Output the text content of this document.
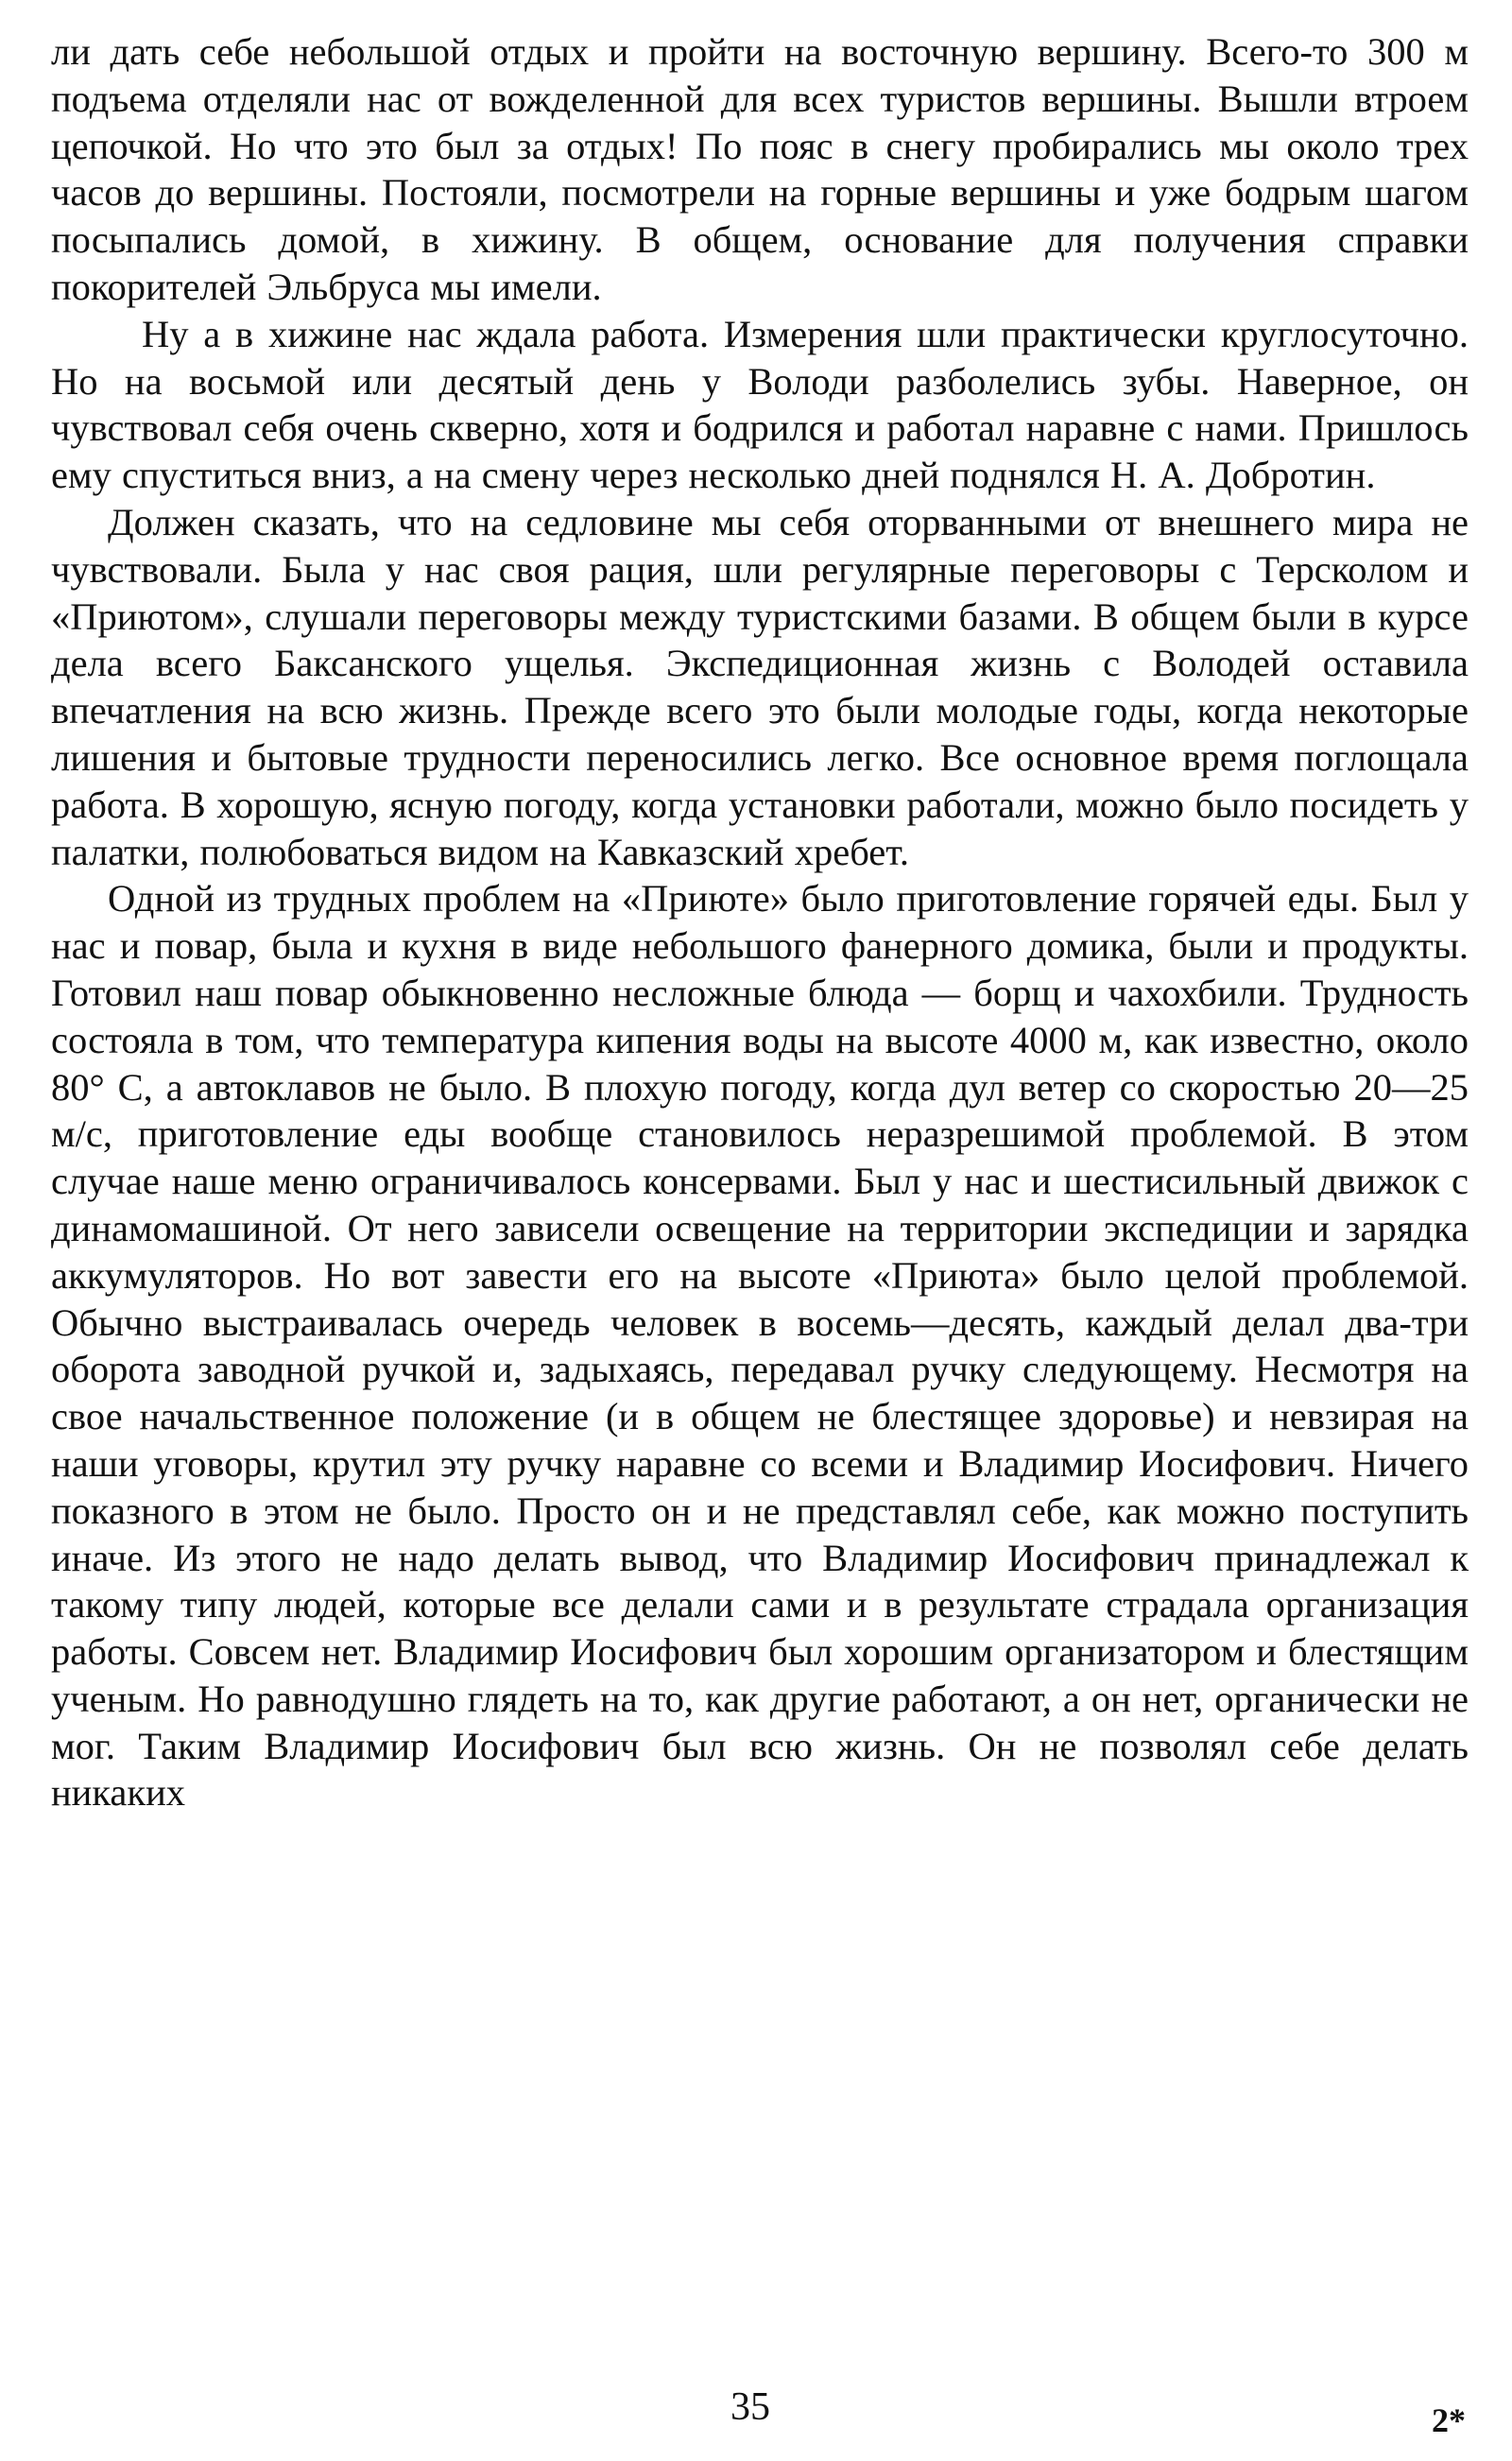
ли дать себе небольшой отдых и пройти на восточную вершину. Всего-то 300 м подъема отделяли нас от вожделенной для всех туристов вершины. Вышли втроем цепочкой. Но что это был за отдых! По пояс в снегу пробирались мы около трех часов до вершины. Постояли, посмотрели на горные вершины и уже бодрым шагом посыпались домой, в хижину. В общем, основание для получения справки покорителей Эльбруса мы имели.

Ну а в хижине нас ждала работа. Измерения шли практически круглосуточно. Но на восьмой или десятый день у Володи разболелись зубы. Наверное, он чувствовал себя очень скверно, хотя и бодрился и работал наравне с нами. Пришлось ему спуститься вниз, а на смену через несколько дней поднялся Н. А. Добротин.

Должен сказать, что на седловине мы себя оторванными от внешнего мира не чувствовали. Была у нас своя рация, шли регулярные переговоры с Терсколом и «Приютом», слушали переговоры между туристскими базами. В общем были в курсе дела всего Баксанского ущелья. Экспедиционная жизнь с Володей оставила впечатления на всю жизнь. Прежде всего это были молодые годы, когда некоторые лишения и бытовые трудности переносились легко. Все основное время поглощала работа. В хорошую, ясную погоду, когда установки работали, можно было посидеть у палатки, полюбоваться видом на Кавказский хребет.

Одной из трудных проблем на «Приюте» было приготовление горячей еды. Был у нас и повар, была и кухня в виде небольшого фанерного домика, были и продукты. Готовил наш повар обыкновенно несложные блюда — борщ и чахохбили. Трудность состояла в том, что температура кипения воды на высоте 4000 м, как известно, около 80° С, а автоклавов не было. В плохую погоду, когда дул ветер со скоростью 20—25 м/с, приготовление еды вообще становилось неразрешимой проблемой. В этом случае наше меню ограничивалось консервами. Был у нас и шестисильный движок с динамомашиной. От него зависели освещение на территории экспедиции и зарядка аккумуляторов. Но вот завести его на высоте «Приюта» было целой проблемой. Обычно выстраивалась очередь человек в восемь—десять, каждый делал два-три оборота заводной ручкой и, задыхаясь, передавал ручку следующему. Несмотря на свое начальственное положение (и в общем не блестящее здоровье) и невзирая на наши уговоры, крутил эту ручку наравне со всеми и Владимир Иосифович. Ничего показного в этом не было. Просто он и не представлял себе, как можно поступить иначе. Из этого не надо делать вывод, что Владимир Иосифович принадлежал к такому типу людей, которые все делали сами и в результате страдала организация работы. Совсем нет. Владимир Иосифович был хорошим организатором и блестящим ученым. Но равнодушно глядеть на то, как другие работают, а он нет, органически не мог. Таким Владимир Иосифович был всю жизнь. Он не позволял себе делать никаких

35	2*
